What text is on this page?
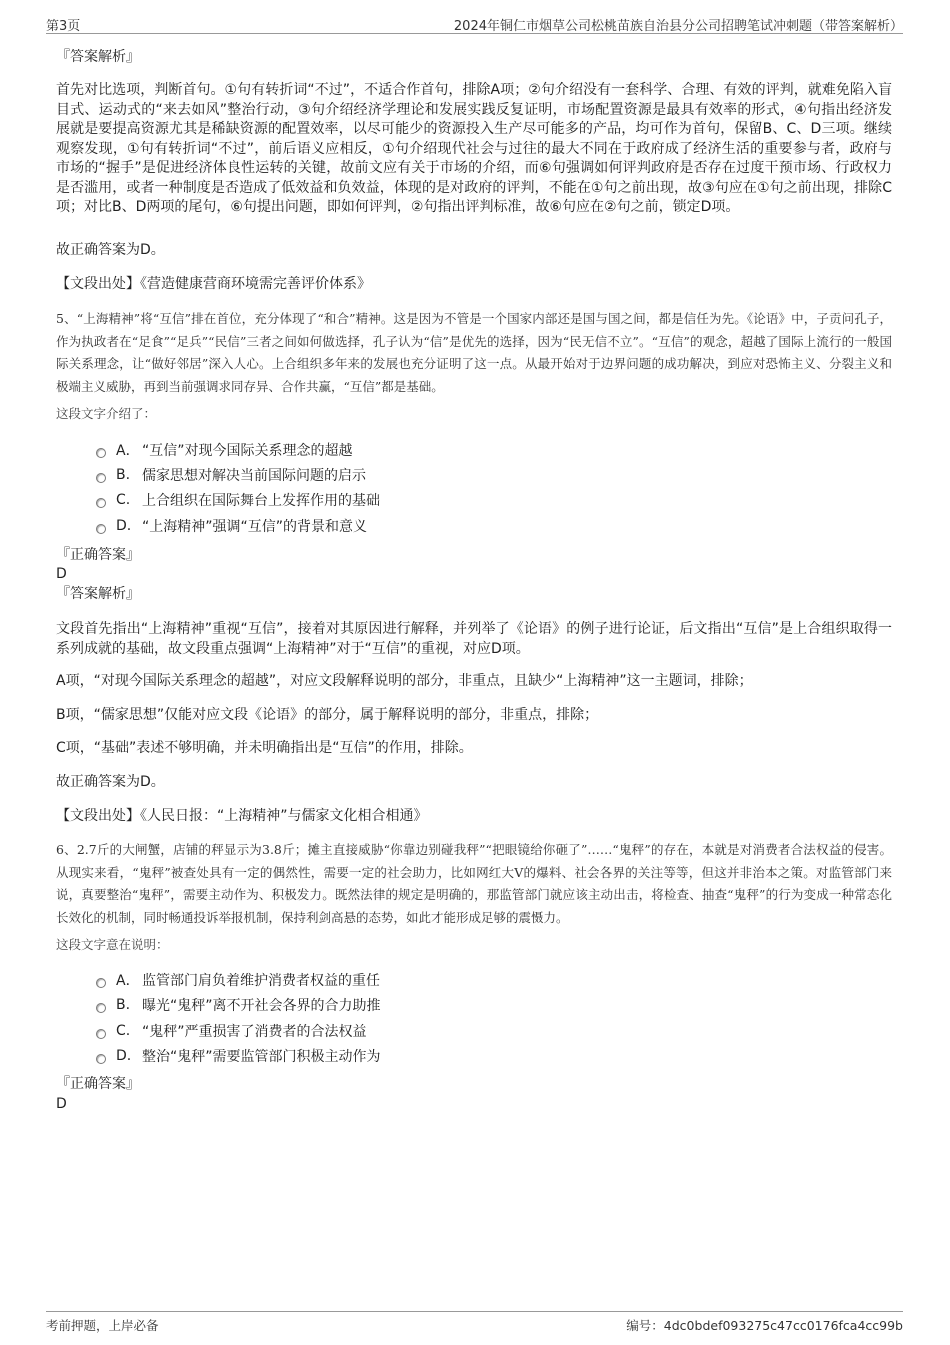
第3页	2024年铜仁市烟草公司松桃苗族自治县分公司招聘笔试冲刺题（带答案解析）
『答案解析』
首先对比选项，判断首句。①句有转折词“不过”，不适合作首句，排除A项；②句介绍没有一套科学、合理、有效的评判，就难免陷入盲目式、运动式的“来去如风”整治行动，③句介绍经济学理论和发展实践反复证明，市场配置资源是最具有效率的形式，④句指出经济发展就是要提高资源尤其是稀缺资源的配置效率，以尽可能少的资源投入生产尽可能多的产品，均可作为首句，保留B、C、D三项。继续观察发现，①句有转折词“不过”，前后语义应相反，①句介绍现代社会与过往的最大不同在于政府成了经济生活的重要参与者，政府与市场的“握手”是促进经济体良性运转的关键，故前文应有关于市场的介绍，而⑥句强调如何评判政府是否存在过度干预市场、行政权力是否滥用，或者一种制度是否造成了低效益和负效益，体现的是对政府的评判，不能在①句之前出现，故③句应在①句之前出现，排除C项；对比B、D两项的尾句，⑥句提出问题，即如何评判，②句指出评判标准，故⑥句应在②句之前，锁定D项。
故正确答案为D。
【文段出处】《营造健康营商环境需完善评价体系》
5、“上海精神”将“互信”排在首位，充分体现了“和合”精神。这是因为不管是一个国家内部还是国与国之间，都是信任为先。《论语》中，子贡问孔子，作为执政者在“足食”“足兵”“民信”三者之间如何做选择，孔子认为“信”是优先的选择，因为“民无信不立”。“互信”的观念，超越了国际上流行的一般国际关系理念，让“做好邻居”深入人心。上合组织多年来的发展也充分证明了这一点。从最开始对于边界问题的成功解决，到应对恐怖主义、分裂主义和极端主义威胁，再到当前强调求同存异、合作共赢，“互信”都是基础。
这段文字介绍了：
A． “互信”对现今国际关系理念的超越
B. 儒家思想对解决当前国际问题的启示
C. 上合组织在国际舞台上发挥作用的基础
D. “上海精神”强调“互信”的背景和意义
『正确答案』
D
『答案解析』
文段首先指出“上海精神”重视“互信”，接着对其原因进行解释，并列举了《论语》的例子进行论证，后文指出“互信”是上合组织取得一系列成就的基础，故文段重点强调“上海精神”对于“互信”的重视，对应D项。
A项，“对现今国际关系理念的超越”，对应文段解释说明的部分，非重点，且缺少“上海精神”这一主题词，排除；
B项，“儒家思想”仅能对应文段《论语》的部分，属于解释说明的部分，非重点，排除；
C项，“基础”表述不够明确，并未明确指出是“互信”的作用，排除。
故正确答案为D。
【文段出处】《人民日报：“上海精神”与儒家文化相合相通》
6、2.7斤的大闸蟹，店铺的秤显示为3.8斤；摊主直接威胁“你靠边别碰我秤”“把眼镜给你砸了”……“鬼秤”的存在，本就是对消费者合法权益的侵害。从现实来看，“鬼秤”被查处具有一定的偶然性，需要一定的社会助力，比如网红大V的爆料、社会各界的关注等等，但这并非治本之策。对监管部门来说，真要整治“鬼秤”，需要主动作为、积极发力。既然法律的规定是明确的，那监管部门就应该主动出击，将检查、抽查“鬼秤”的行为变成一种常态化长效化的机制，同时畅通投诉举报机制，保持利剑高悬的态势，如此才能形成足够的震慑力。
这段文字意在说明：
A． 监管部门肩负着维护消费者权益的重任
B. 曝光“鬼秤”离不开社会各界的合力助推
C. “鬼秤”严重损害了消费者的合法权益
D. 整治“鬼秤”需要监管部门积极主动作为
『正确答案』
D
考前押题，上岸必备	编号：4dc0bdef093275c47cc0176fca4cc99b
